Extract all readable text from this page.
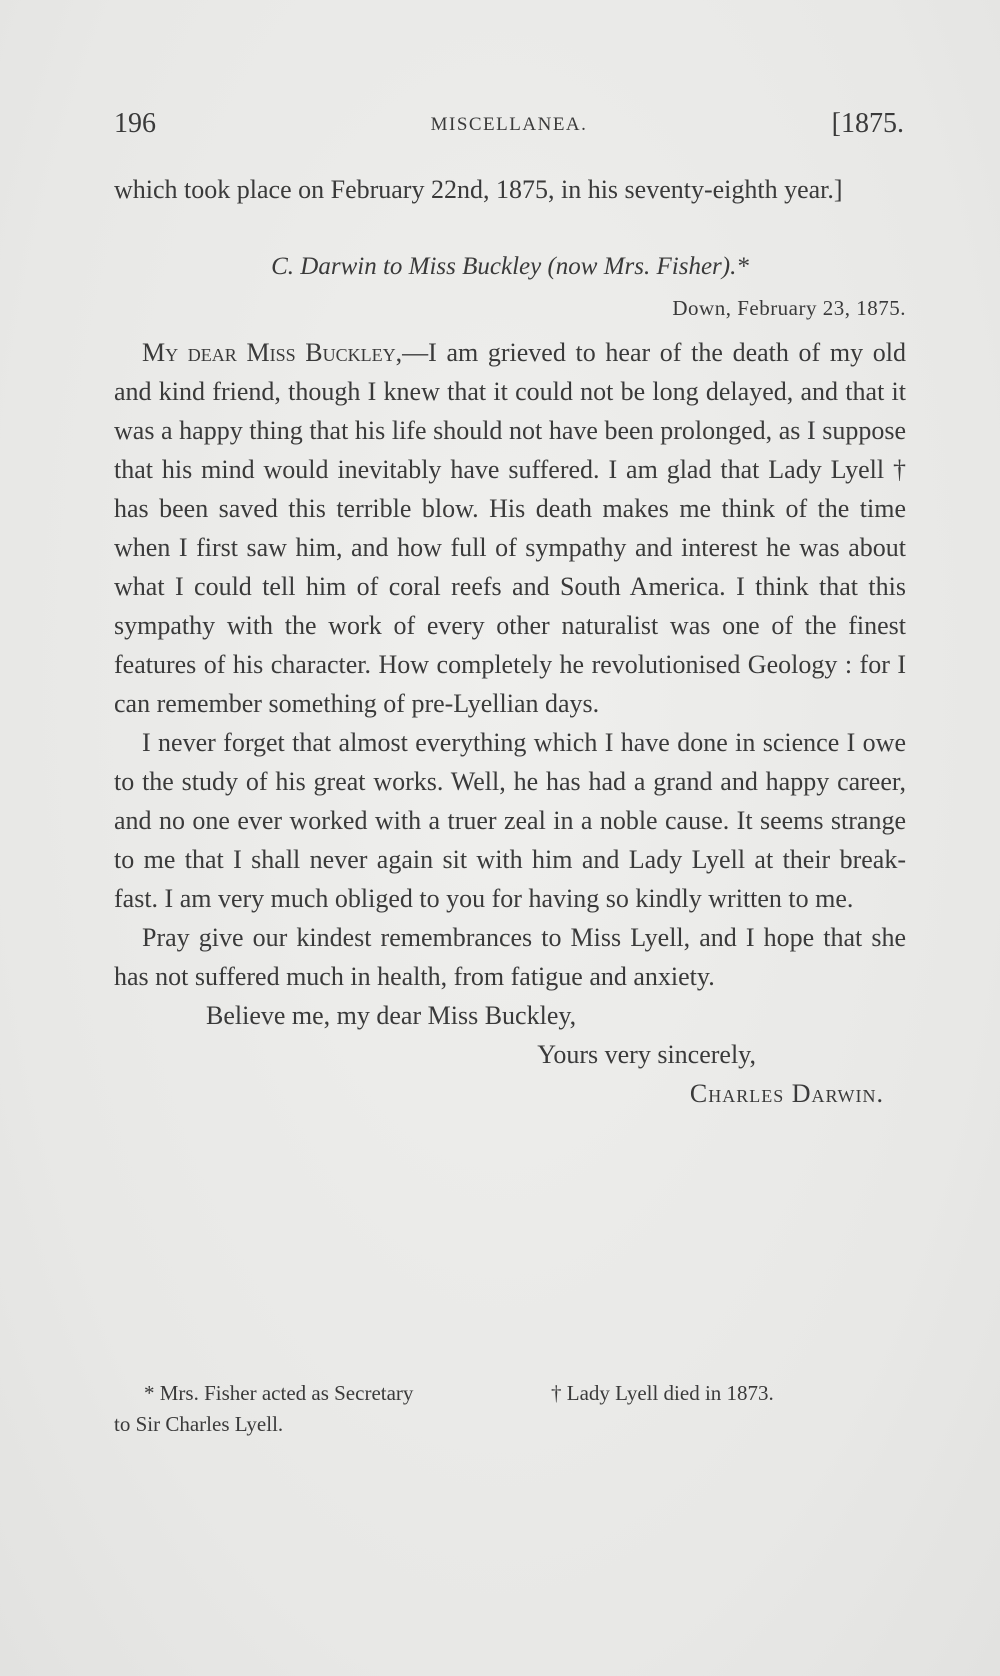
196	MISCELLANEA.	[1875.

which took place on February 22nd, 1875, in his seventy-eighth year.]

C. Darwin to Miss Buckley (now Mrs. Fisher).*
Down, February 23, 1875.

My dear Miss Buckley,—I am grieved to hear of the death of my old and kind friend, though I knew that it could not be long delayed, and that it was a happy thing that his life should not have been prolonged, as I suppose that his mind would inevitably have suffered. I am glad that Lady Lyell † has been saved this terrible blow. His death makes me think of the time when I first saw him, and how full of sympathy and interest he was about what I could tell him of coral reefs and South America. I think that this sympathy with the work of every other naturalist was one of the finest features of his character. How completely he revolutionised Geology : for I can remember something of pre-Lyellian days.

I never forget that almost everything which I have done in science I owe to the study of his great works. Well, he has had a grand and happy career, and no one ever worked with a truer zeal in a noble cause. It seems strange to me that I shall never again sit with him and Lady Lyell at their break-fast. I am very much obliged to you for having so kindly written to me.

Pray give our kindest remembrances to Miss Lyell, and I hope that she has not suffered much in health, from fatigue and anxiety.

Believe me, my dear Miss Buckley,
Yours very sincerely,
Charles Darwin.
* Mrs. Fisher acted as Secretary
to Sir Charles Lyell.
† Lady Lyell died in 1873.
